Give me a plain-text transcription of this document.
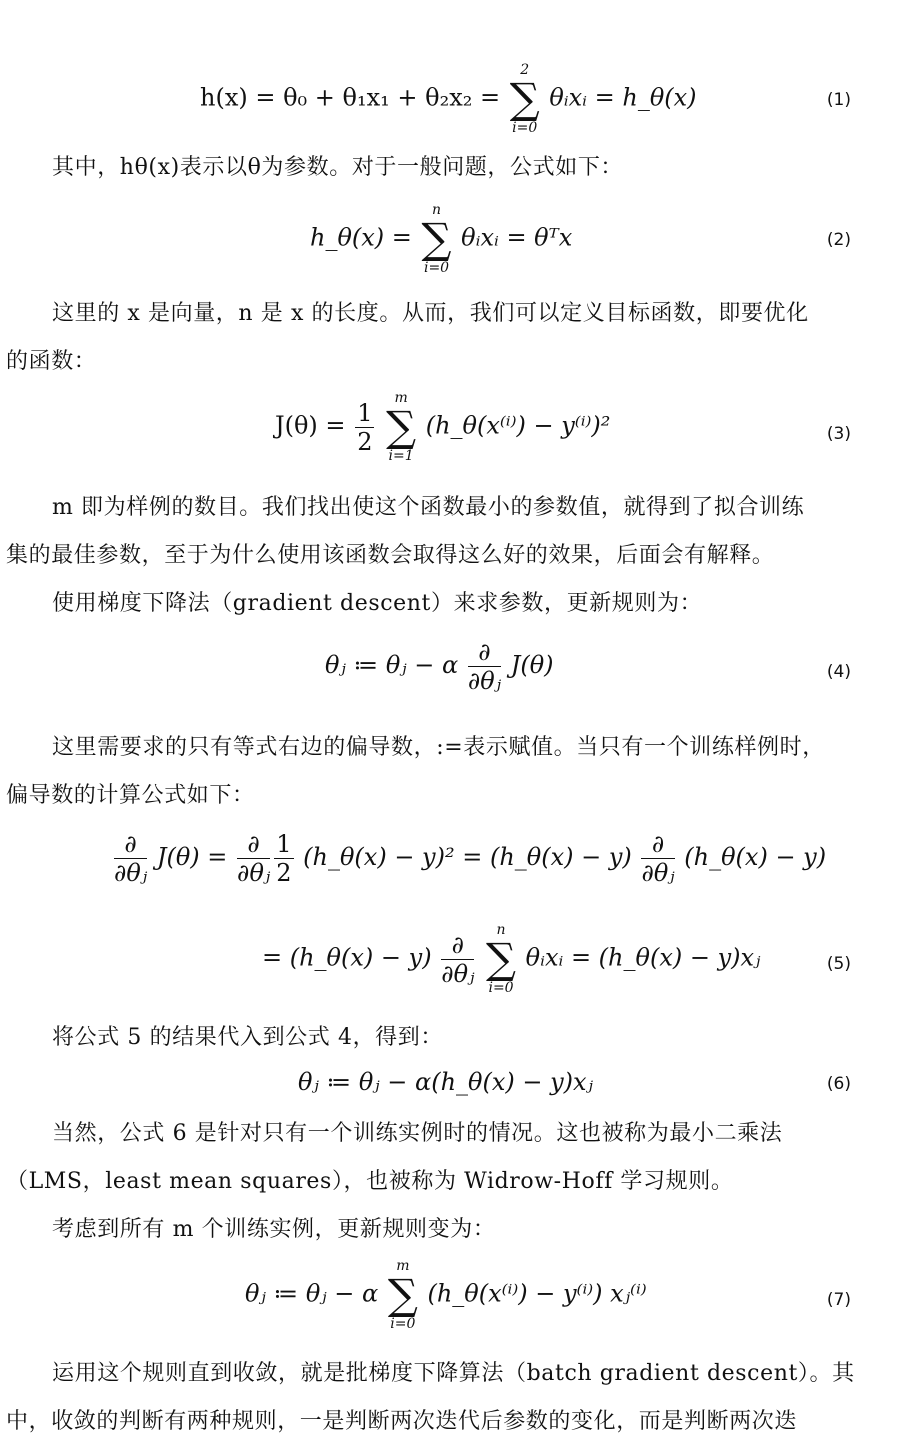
h(x) = θ₀ + θ₁x₁ + θ₂x₂ =
2
∑
i=0
θᵢxᵢ = h_θ(x)	(1)
其中，hθ(x)表示以θ为参数。对于一般问题，公式如下：
h_θ(x) =
n
∑
i=0
θᵢxᵢ = θᵀx	(2)
这里的 x 是向量，n 是 x 的长度。从而，我们可以定义目标函数，即要优化
的函数：
$J(\theta) = \frac{1}{2}$

m
∑
i=1
(h_θ(x⁽ⁱ⁾) − y⁽ⁱ⁾)²	(3)
m 即为样例的数目。我们找出使这个函数最小的参数值，就得到了拟合训练
集的最佳参数，至于为什么使用该函数会取得这么好的效果，后面会有解释。
使用梯度下降法（gradient descent）来求参数，更新规则为：
θⱼ ≔ θⱼ − α $\frac{\partial}{\text{∂θⱼ}} J(\theta)$	(4)
这里需要求的只有等式右边的偏导数，:=表示赋值。当只有一个训练样例时，
偏导数的计算公式如下：
$\frac{\partial}{\text{∂θⱼ}} J(\theta) = \frac{\partial}{\text{∂θⱼ}} \frac{1}{2}$ (h_θ(x) − y)² = (h_θ(x) − $y) \frac{\partial}{\text{∂θⱼ}}$ (h_θ(x) − y)
= (h_θ(x) − $y) \frac{\partial}{\text{∂θⱼ}}$

n
∑
i=0
θᵢxᵢ = (h_θ(x) − y)xⱼ	(5)
将公式 5 的结果代入到公式 4，得到：
θⱼ ≔ θⱼ − α(h_θ(x) − y)xⱼ	(6)
当然，公式 6 是针对只有一个训练实例时的情况。这也被称为最小二乘法
（LMS，least mean squares），也被称为 Widrow-Hoff 学习规则。
考虑到所有 m 个训练实例，更新规则变为：
θⱼ ≔ θⱼ − α
m
∑
i=0
(h_θ(x⁽ⁱ⁾) − y⁽ⁱ⁾) xⱼ⁽ⁱ⁾	(7)
运用这个规则直到收敛，就是批梯度下降算法（batch gradient descent）。其
中，收敛的判断有两种规则，一是判断两次迭代后参数的变化，而是判断两次迭
